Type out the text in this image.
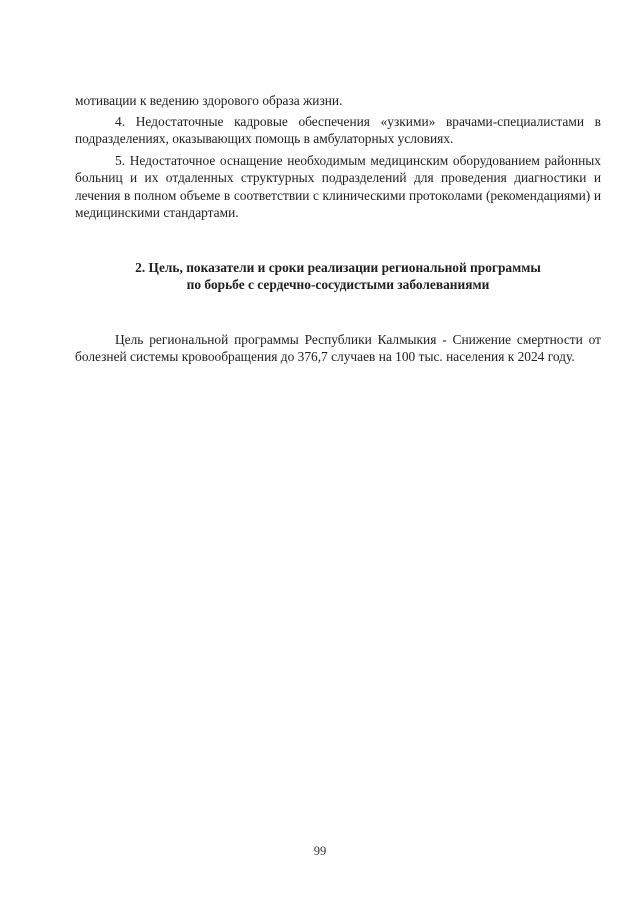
мотивации к ведению здорового образа жизни.

4. Недостаточные кадровые обеспечения «узкими» врачами-специалистами в подразделениях, оказывающих помощь в амбулаторных условиях.

5. Недостаточное оснащение необходимым медицинским оборудованием районных больниц и их отдаленных структурных подразделений для проведения диагностики и лечения в полном объеме в соответствии с клиническими протоколами (рекомендациями) и медицинскими стандартами.

2. Цель, показатели и сроки реализации региональной программы по борьбе с сердечно-сосудистыми заболеваниями

Цель региональной программы Республики Калмыкия - Снижение смертности от болезней системы кровообращения до 376,7 случаев на 100 тыс. населения к 2024 году.

99
